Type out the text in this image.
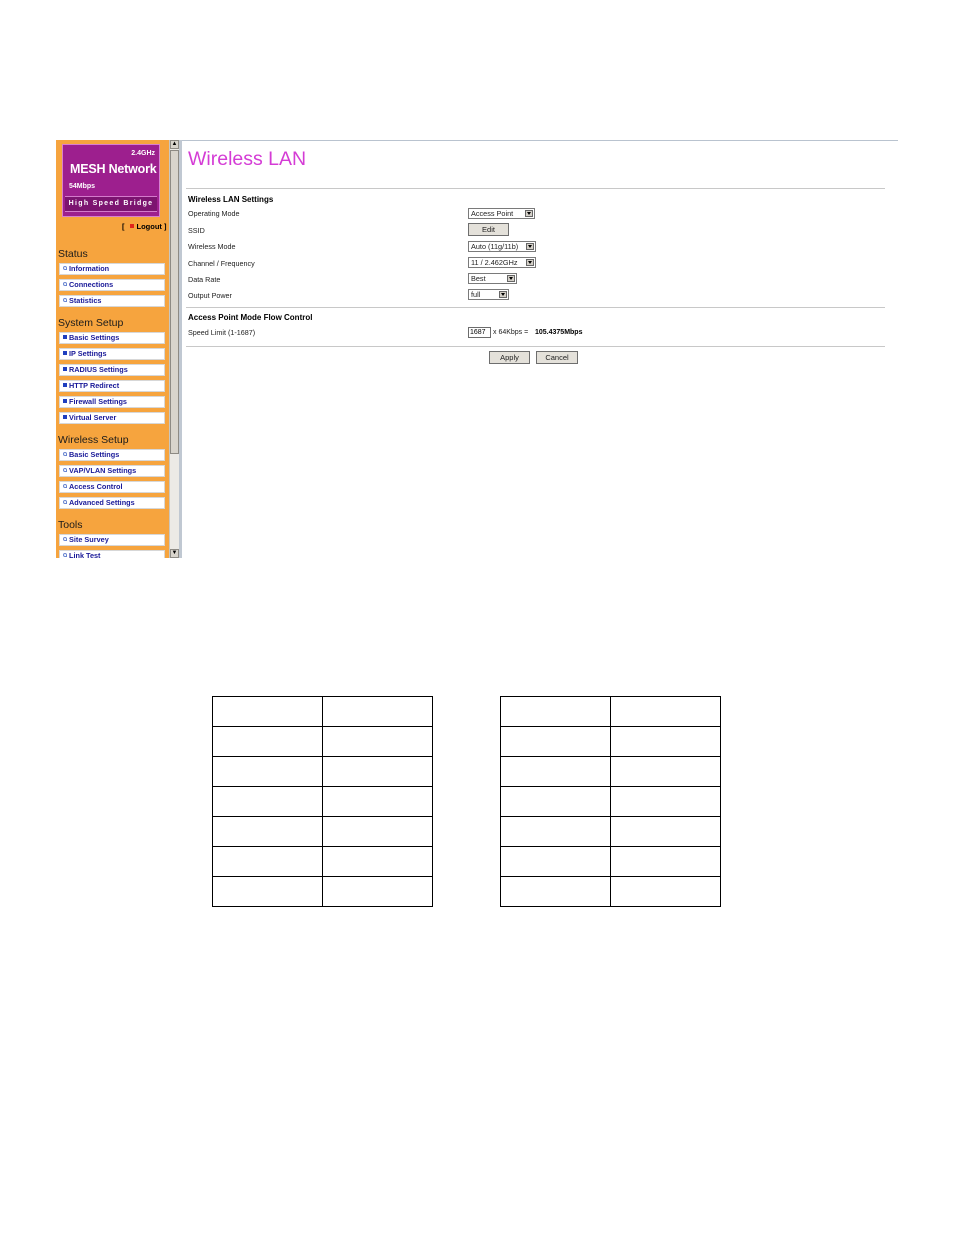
2.4GHz
MESH Network
54Mbps
High Speed Bridge
[ Logout ]
Status
Information
Connections
Statistics
System Setup
Basic Settings
IP Settings
RADIUS Settings
HTTP Redirect
Firewall Settings
Virtual Server
Wireless Setup
Basic Settings
VAP/VLAN Settings
Access Control
Advanced Settings
Tools
Site Survey
Link Test
▲
▼
Wireless LAN
Wireless LAN Settings
Operating Mode	Access Point
SSID	Edit
Wireless Mode	Auto (11g/11b)
Channel / Frequency	11 / 2.462GHz
Data Rate	Best
Output Power	full
Access Point Mode Flow Control
Speed Limit (1-1687)	1687	x 64Kbps = 105.4375Mbps
Apply	Cancel
